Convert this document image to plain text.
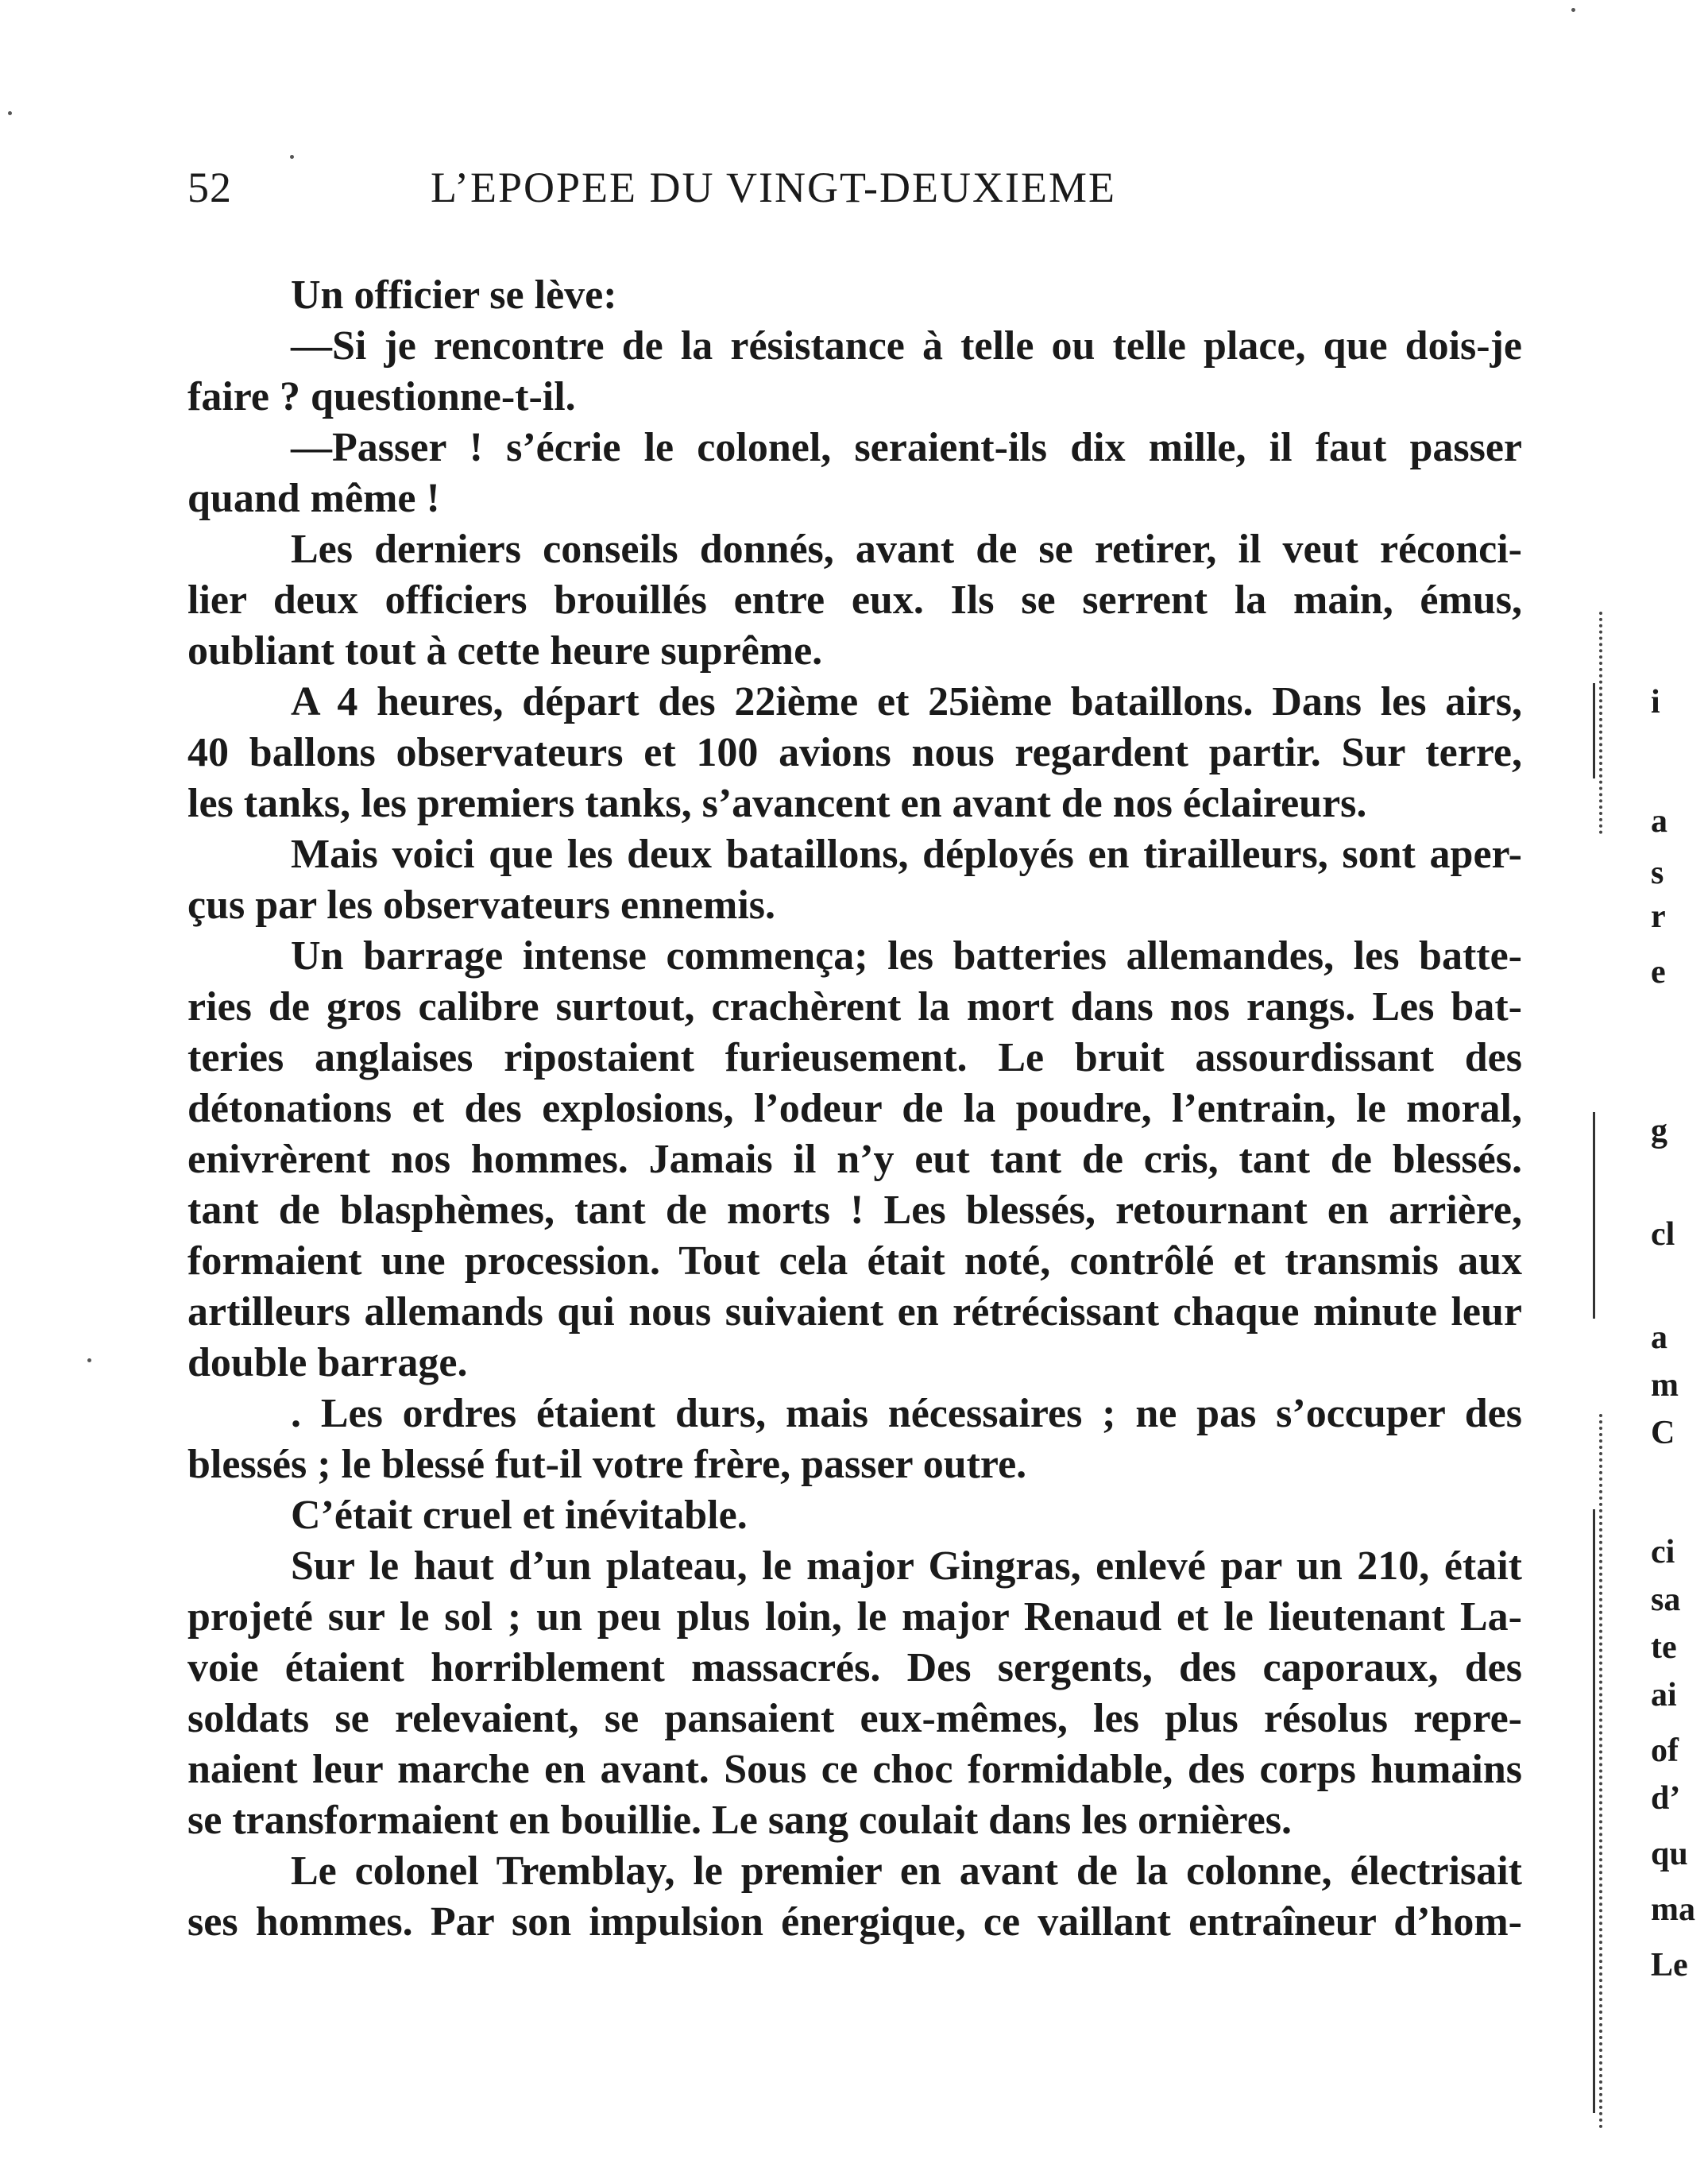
52	L’EPOPEE DU VINGT-DEUXIEME
Un officier se lève:
—Si je rencontre de la résistance à telle ou telle place, que dois-je
faire ? questionne-t-il.
—Passer ! s’écrie le colonel, seraient-ils dix mille, il faut passer
quand même !
Les derniers conseils donnés, avant de se retirer, il veut réconci-
lier deux officiers brouillés entre eux. Ils se serrent la main, émus,
oubliant tout à cette heure suprême.
A 4 heures, départ des 22ième et 25ième bataillons. Dans les airs,
40 ballons observateurs et 100 avions nous regardent partir. Sur terre,
les tanks, les premiers tanks, s’avancent en avant de nos éclaireurs.
Mais voici que les deux bataillons, déployés en tirailleurs, sont aper-
çus par les observateurs ennemis.
Un barrage intense commença; les batteries allemandes, les batte-
ries de gros calibre surtout, crachèrent la mort dans nos rangs. Les bat-
teries anglaises ripostaient furieusement. Le bruit assourdissant des
détonations et des explosions, l’odeur de la poudre, l’entrain, le moral,
enivrèrent nos hommes. Jamais il n’y eut tant de cris, tant de blessés.
tant de blasphèmes, tant de morts ! Les blessés, retournant en arrière,
formaient une procession. Tout cela était noté, contrôlé et transmis aux
artilleurs allemands qui nous suivaient en rétrécissant chaque minute leur
double barrage.
. Les ordres étaient durs, mais nécessaires ; ne pas s’occuper des
blessés ; le blessé fut-il votre frère, passer outre.
C’était cruel et inévitable.
Sur le haut d’un plateau, le major Gingras, enlevé par un 210, était
projeté sur le sol ; un peu plus loin, le major Renaud et le lieutenant La-
voie étaient horriblement massacrés. Des sergents, des caporaux, des
soldats se relevaient, se pansaient eux-mêmes, les plus résolus repre-
naient leur marche en avant. Sous ce choc formidable, des corps humains
se transformaient en bouillie. Le sang coulait dans les ornières.
Le colonel Tremblay, le premier en avant de la colonne, électrisait
ses hommes. Par son impulsion énergique, ce vaillant entraîneur d’hom-
i
a
s
r
e
g
cl
a
m
C
ci
sa
te
ai
of
d’
qu
ma
Le
